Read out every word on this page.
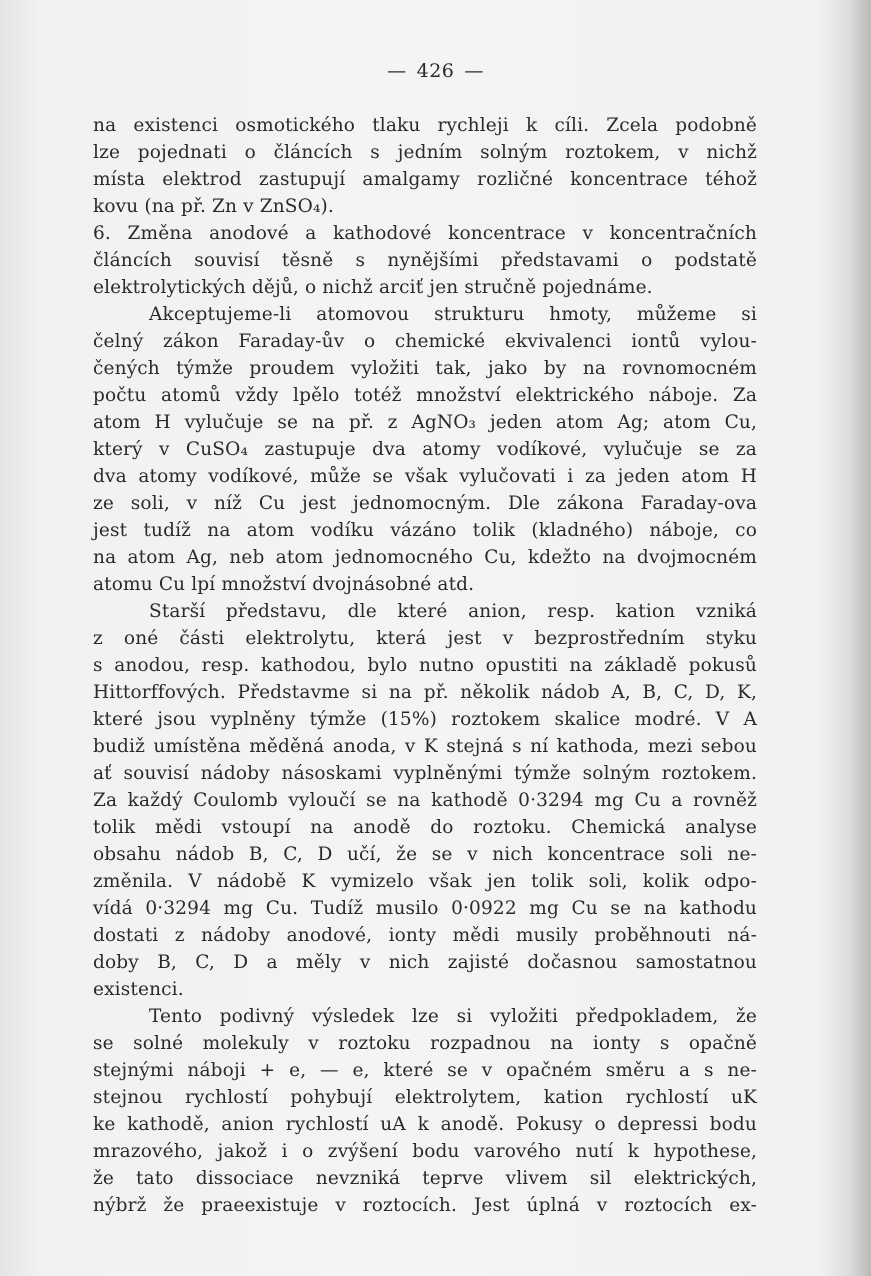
— 426 —
na existenci osmotického tlaku rychleji k cíli. Zcela podobně
lze pojednati o článcích s jedním solným roztokem, v nichž
místa elektrod zastupují amalgamy rozličné koncentrace téhož
kovu (na př. Zn v ZnSO₄).
6. Změna anodové a kathodové koncentrace v koncentračních
článcích souvisí těsně s nynějšími představami o podstatě
elektrolytických dějů, o nichž arciť jen stručně pojednáme.
Akceptujeme-li atomovou strukturu hmoty, můžeme si
čelný zákon Faraday-ův o chemické ekvivalenci iontů vylou-
čených týmže proudem vyložiti tak, jako by na rovnomocném
počtu atomů vždy lpělo totéž množství elektrického náboje. Za
atom H vylučuje se na př. z AgNO₃ jeden atom Ag; atom Cu,
který v CuSO₄ zastupuje dva atomy vodíkové, vylučuje se za
dva atomy vodíkové, může se však vylučovati i za jeden atom H
ze soli, v níž Cu jest jednomocným. Dle zákona Faraday-ova
jest tudíž na atom vodíku vázáno tolik (kladného) náboje, co
na atom Ag, neb atom jednomocného Cu, kdežto na dvojmocném
atomu Cu lpí množství dvojnásobné atd.
Starší představu, dle které anion, resp. kation vzniká
z oné části elektrolytu, která jest v bezprostředním styku
s anodou, resp. kathodou, bylo nutno opustiti na základě pokusů
Hittorffových. Představme si na př. několik nádob A, B, C, D, K,
které jsou vyplněny týmže (15%) roztokem skalice modré. V A
budiž umístěna měděná anoda, v K stejná s ní kathoda, mezi sebou
ať souvisí nádoby násoskami vyplněnými týmže solným roztokem.
Za každý Coulomb vyloučí se na kathodě 0·3294 mg Cu a rovněž
tolik mědi vstoupí na anodě do roztoku. Chemická analyse
obsahu nádob B, C, D učí, že se v nich koncentrace soli ne-
změnila. V nádobě K vymizelo však jen tolik soli, kolik odpo-
vídá 0·3294 mg Cu. Tudíž musilo 0·0922 mg Cu se na kathodu
dostati z nádoby anodové, ionty mědi musily proběhnouti ná-
doby B, C, D a měly v nich zajisté dočasnou samostatnou
existenci.
Tento podivný výsledek lze si vyložiti předpokladem, že
se solné molekuly v roztoku rozpadnou na ionty s opačně
stejnými náboji + e, — e, které se v opačném směru a s ne-
stejnou rychlostí pohybují elektrolytem, kation rychlostí uK
ke kathodě, anion rychlostí uA k anodě. Pokusy o depressi bodu
mrazového, jakož i o zvýšení bodu varového nutí k hypothese,
že tato dissociace nevzniká teprve vlivem sil elektrických,
nýbrž že praeexistuje v roztocích. Jest úplná v roztocích ex-
